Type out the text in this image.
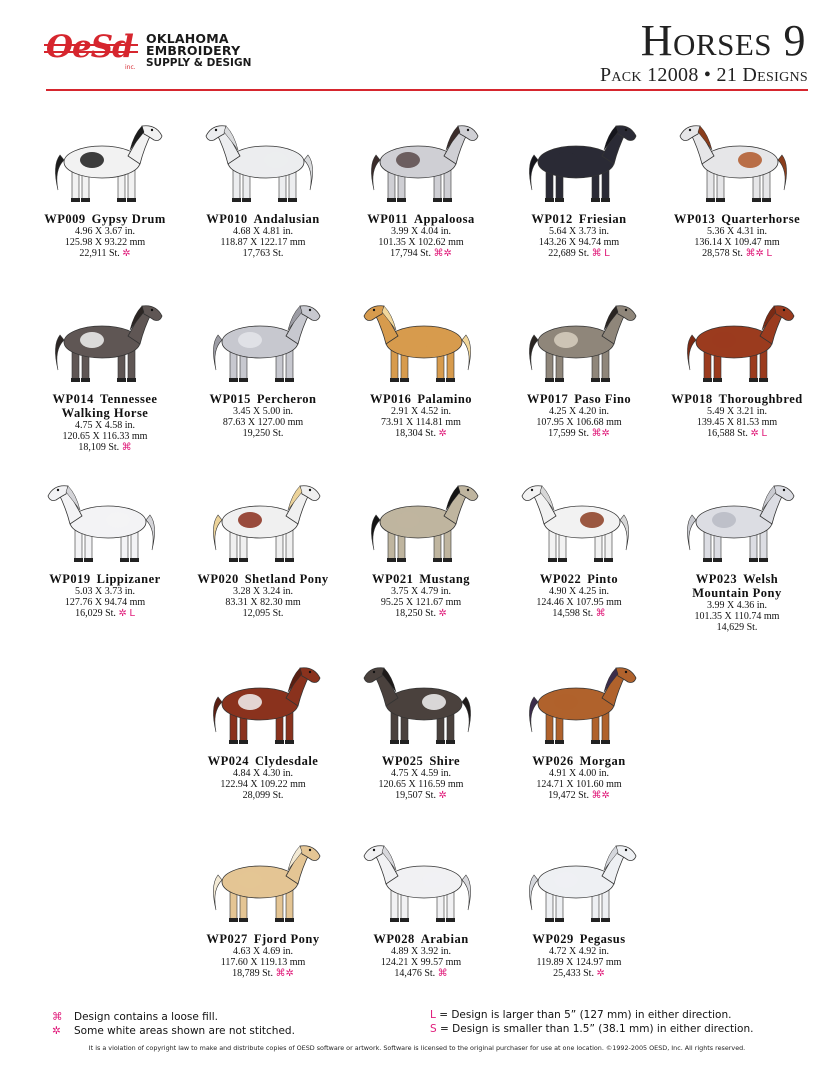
OeSd
inc.
OKLAHOMA
EMBROIDERY
SUPPLY & DESIGN	Horses 9
Pack 12008 • 21 Designs
WP009 Gypsy Drum
4.96 X 3.67 in.
125.98 X 93.22 mm
22,911 St. ✲
WP010 Andalusian
4.68 X 4.81 in.
118.87 X 122.17 mm
17,763 St.
WP011 Appaloosa
3.99 X 4.04 in.
101.35 X 102.62 mm
17,794 St. ⌘✲
WP012 Friesian
5.64 X 3.73 in.
143.26 X 94.74 mm
22,689 St. ⌘ L
WP013 Quarterhorse
5.36 X 4.31 in.
136.14 X 109.47 mm
28,578 St. ⌘✲ L
WP014 Tennessee
Walking Horse
4.75 X 4.58 in.
120.65 X 116.33 mm
18,109 St. ⌘
WP015 Percheron
3.45 X 5.00 in.
87.63 X 127.00 mm
19,250 St.
WP016 Palamino
2.91 X 4.52 in.
73.91 X 114.81 mm
18,304 St. ✲
WP017 Paso Fino
4.25 X 4.20 in.
107.95 X 106.68 mm
17,599 St. ⌘✲
WP018 Thoroughbred
5.49 X 3.21 in.
139.45 X 81.53 mm
16,588 St. ✲ L
WP019 Lippizaner
5.03 X 3.73 in.
127.76 X 94.74 mm
16,029 St. ✲ L
WP020 Shetland Pony
3.28 X 3.24 in.
83.31 X 82.30 mm
12,095 St.
WP021 Mustang
3.75 X 4.79 in.
95.25 X 121.67 mm
18,250 St. ✲
WP022 Pinto
4.90 X 4.25 in.
124.46 X 107.95 mm
14,598 St. ⌘
WP023 Welsh
Mountain Pony
3.99 X 4.36 in.
101.35 X 110.74 mm
14,629 St.
WP024 Clydesdale
4.84 X 4.30 in.
122.94 X 109.22 mm
28,099 St.
WP025 Shire
4.75 X 4.59 in.
120.65 X 116.59 mm
19,507 St. ✲
WP026 Morgan
4.91 X 4.00 in.
124.71 X 101.60 mm
19,472 St. ⌘✲
WP027 Fjord Pony
4.63 X 4.69 in.
117.60 X 119.13 mm
18,789 St. ⌘✲
WP028 Arabian
4.89 X 3.92 in.
124.21 X 99.57 mm
14,476 St. ⌘
WP029 Pegasus
4.72 X 4.92 in.
119.89 X 124.97 mm
25,433 St. ✲
⌘ Design contains a loose fill.
✲ Some white areas shown are not stitched.
L = Design is larger than 5” (127 mm) in either direction.
S = Design is smaller than 1.5” (38.1 mm) in either direction.
It is a violation of copyright law to make and distribute copies of OESD software or artwork. Software is licensed to the original purchaser for use at one location. ©1992-2005 OESD, Inc. All rights reserved.
